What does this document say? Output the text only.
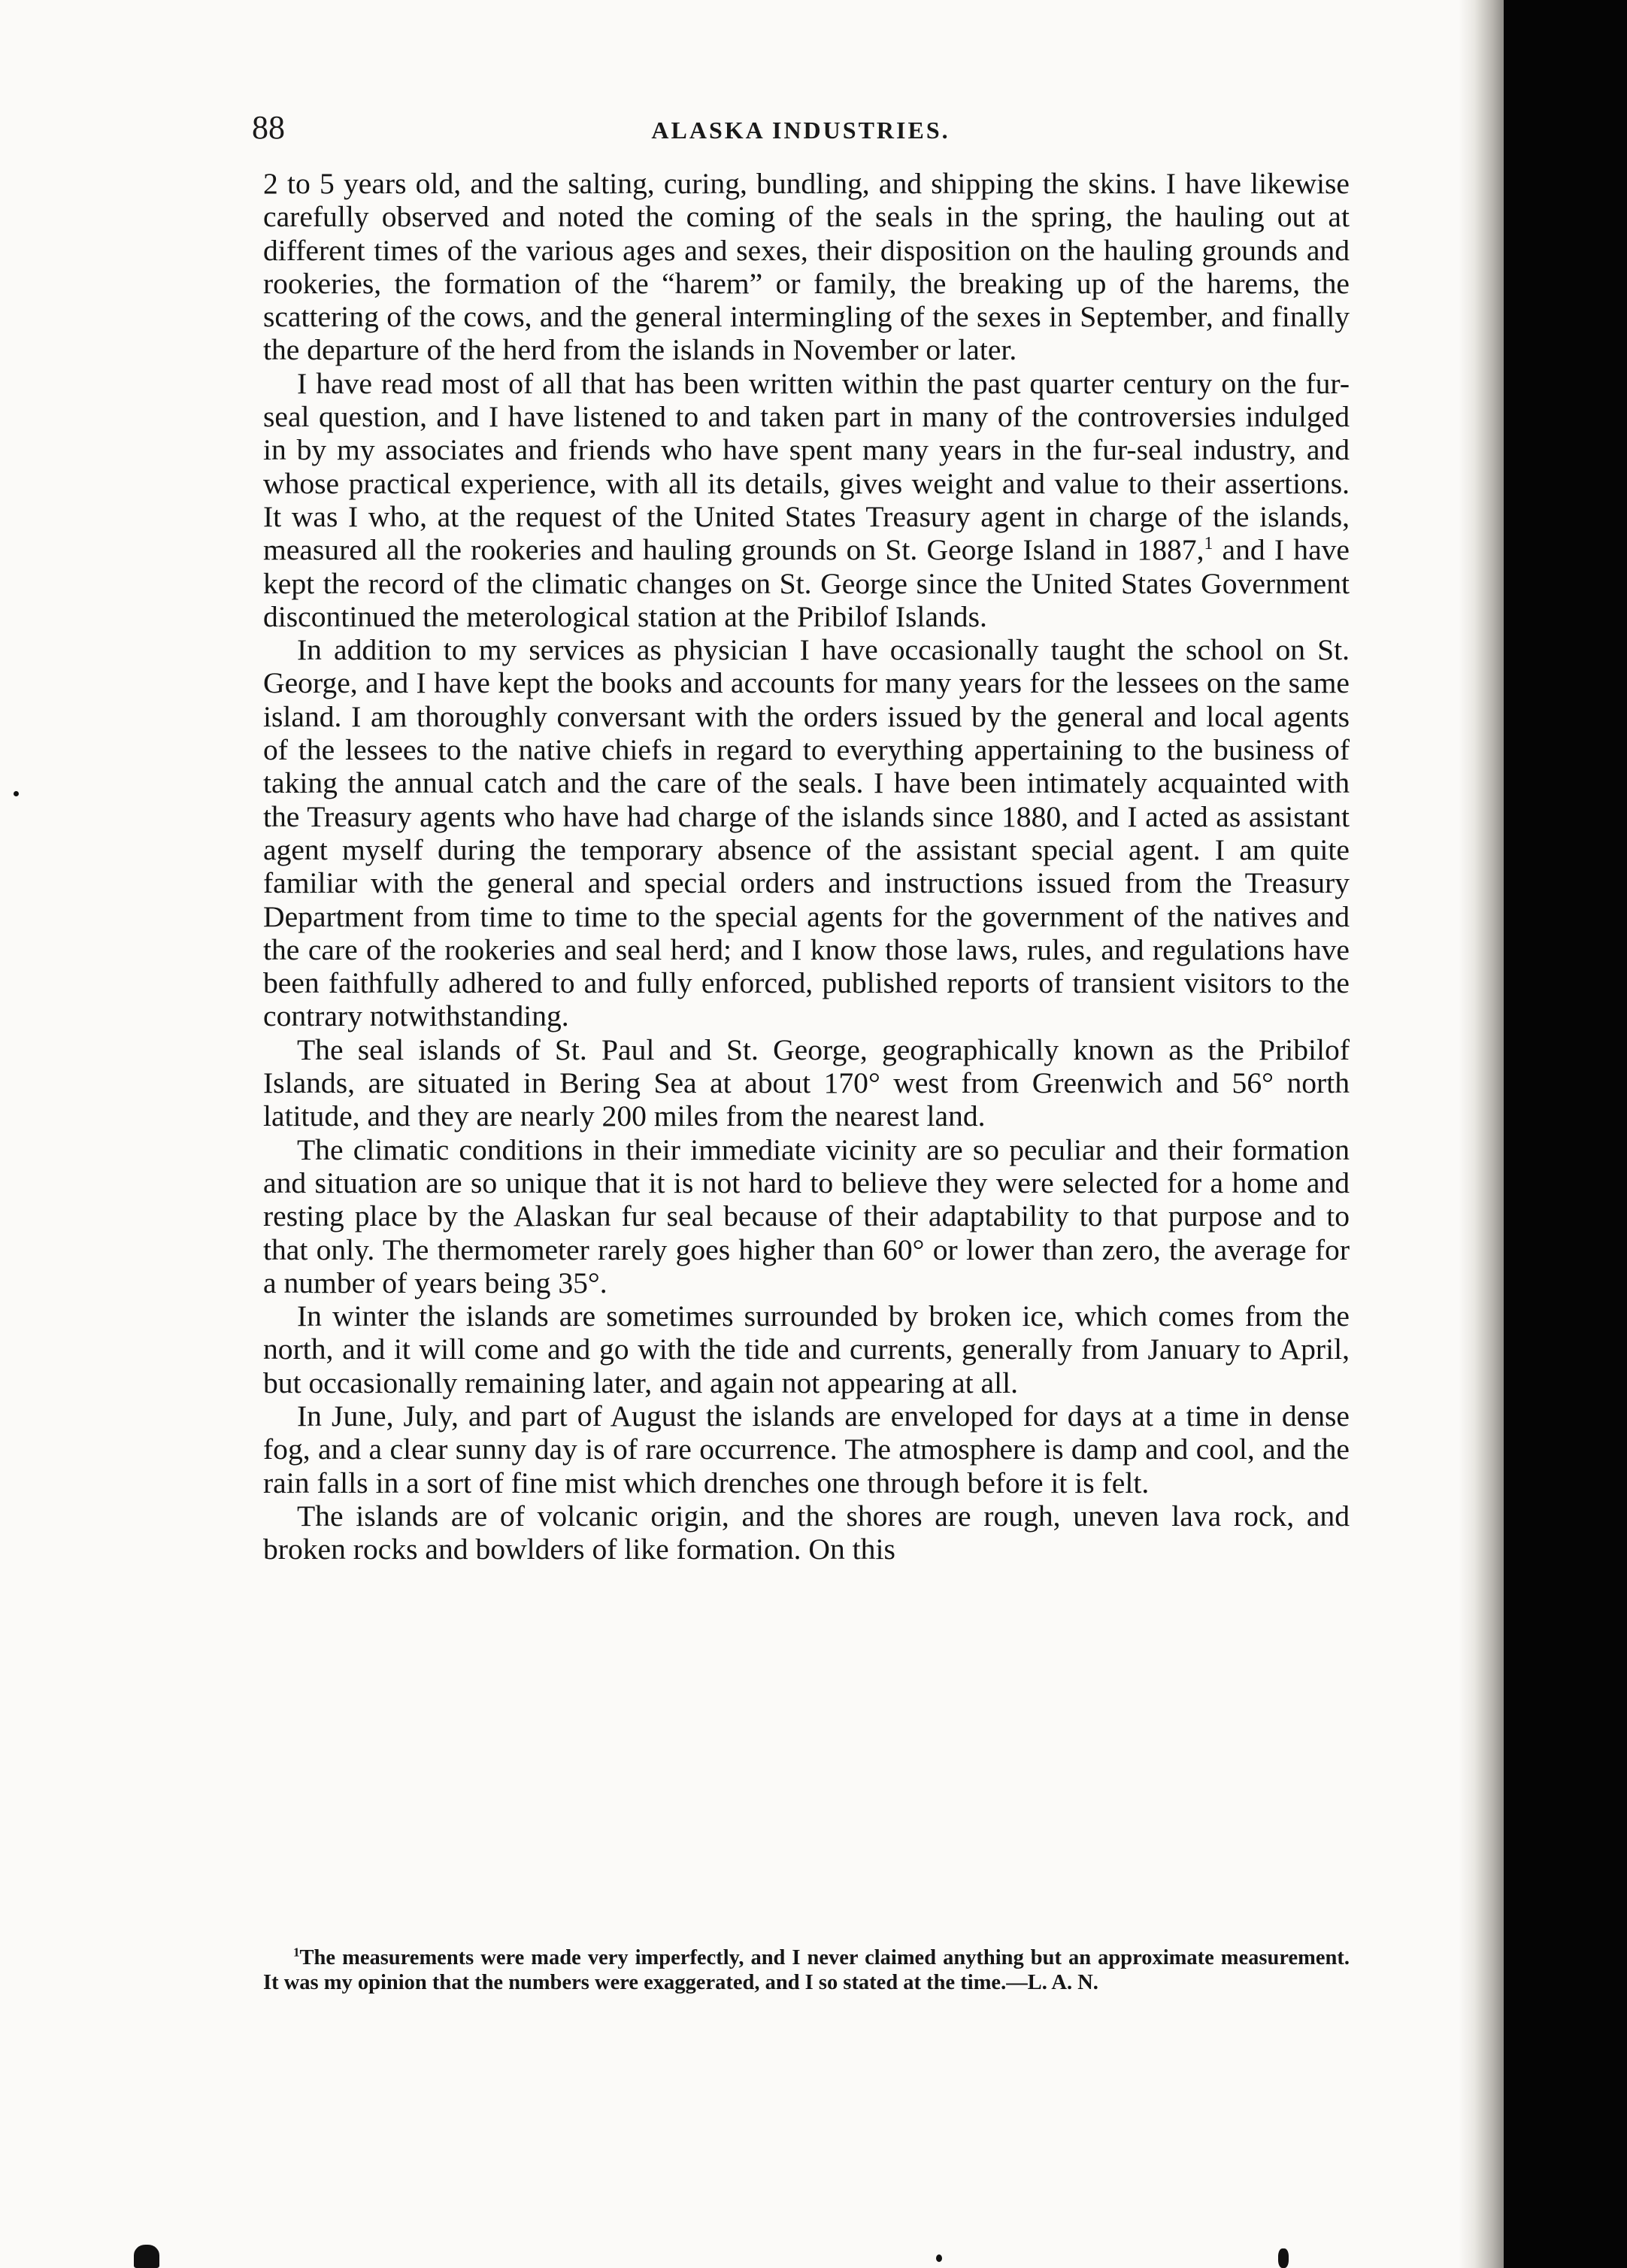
88	ALASKA INDUSTRIES.

2 to 5 years old, and the salting, curing, bundling, and shipping the skins. I have likewise carefully observed and noted the coming of the seals in the spring, the hauling out at different times of the various ages and sexes, their disposition on the hauling grounds and rookeries, the formation of the “harem” or family, the breaking up of the harems, the scattering of the cows, and the general intermingling of the sexes in September, and finally the departure of the herd from the islands in November or later.

I have read most of all that has been written within the past quarter century on the fur-seal question, and I have listened to and taken part in many of the controversies indulged in by my associates and friends who have spent many years in the fur-seal industry, and whose practical experience, with all its details, gives weight and value to their assertions. It was I who, at the request of the United States Treasury agent in charge of the islands, measured all the rookeries and hauling grounds on St. George Island in 1887,$^1$ and I have kept the record of the climatic changes on St. George since the United States Government discontinued the meterological station at the Pribilof Islands.

In addition to my services as physician I have occasionally taught the school on St. George, and I have kept the books and accounts for many years for the lessees on the same island. I am thoroughly conversant with the orders issued by the general and local agents of the lessees to the native chiefs in regard to everything appertaining to the business of taking the annual catch and the care of the seals. I have been intimately acquainted with the Treasury agents who have had charge of the islands since 1880, and I acted as assistant agent myself during the temporary absence of the assistant special agent. I am quite familiar with the general and special orders and instructions issued from the Treasury Department from time to time to the special agents for the government of the natives and the care of the rookeries and seal herd; and I know those laws, rules, and regulations have been faithfully adhered to and fully enforced, published reports of transient visitors to the contrary notwithstanding.

The seal islands of St. Paul and St. George, geographically known as the Pribilof Islands, are situated in Bering Sea at about 170° west from Greenwich and 56° north latitude, and they are nearly 200 miles from the nearest land.

The climatic conditions in their immediate vicinity are so peculiar and their formation and situation are so unique that it is not hard to believe they were selected for a home and resting place by the Alaskan fur seal because of their adaptability to that purpose and to that only. The thermometer rarely goes higher than 60° or lower than zero, the average for a number of years being 35°.

In winter the islands are sometimes surrounded by broken ice, which comes from the north, and it will come and go with the tide and currents, generally from January to April, but occasionally remaining later, and again not appearing at all.

In June, July, and part of August the islands are enveloped for days at a time in dense fog, and a clear sunny day is of rare occurrence. The atmosphere is damp and cool, and the rain falls in a sort of fine mist which drenches one through before it is felt.

The islands are of volcanic origin, and the shores are rough, uneven lava rock, and broken rocks and bowlders of like formation. On this

$^1$The measurements were made very imperfectly, and I never claimed anything but an approximate measurement. It was my opinion that the numbers were exaggerated, and I so stated at the time.—L. A. N.
